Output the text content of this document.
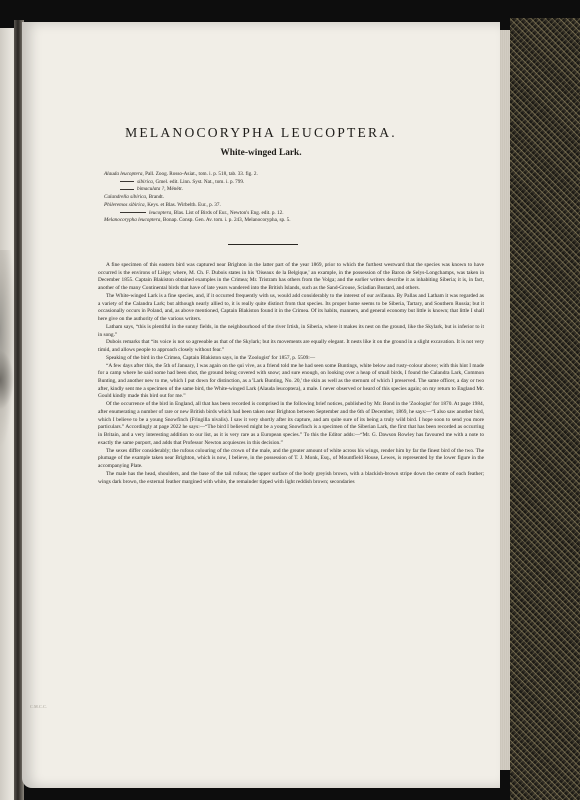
C.M.C.C.
MELANOCORYPHA LEUCOPTERA.
White-winged Lark.
Alauda leucoptera, Pall. Zoog. Rosso-Asiat., tom. i. p. 518, tab. 33. fig. 2.
sibirica, Gmel. edit. Linn. Syst. Nat., tom. i. p. 799.
bimaculata ?, Ménétr.
Calandrella sibirica, Brandt.
Phileremos sibirica, Keys. et Blas. Wirbelth. Eur., p. 37.
leucoptera, Blas. List of Birds of Eur., Newton's Eng. edit. p. 12.
Melanocorypha leucoptera, Bonap. Consp. Gen. Av. tom. i. p. 243, Melanocorypha, sp. 5.

A fine specimen of this eastern bird was captured near Brighton in the latter part of the year 1869, prior to which the furthest westward that the species was known to have occurred is the environs of Liège; where, M. Ch. F. Dubois states in his 'Oiseaux de la Belgique,' an example, in the possession of the Baron de Selys-Longchamps, was taken in December 1855. Captain Blakiston obtained examples in the Crimea; Mr. Tristram has others from the Volga; and the earlier writers describe it as inhabiting Siberia; it is, in fact, another of the many Continental birds that have of late years wandered into the British Islands, such as the Sand-Grouse, Sciadian Bustard, and others.

The White-winged Lark is a fine species, and, if it occurred frequently with us, would add considerably to the interest of our avifauna. By Pallas and Latham it was regarded as a variety of the Calandra Lark; but although nearly allied to, it is really quite distinct from that species. Its proper home seems to be Siberia, Tartary, and Southern Russia; but it occasionally occurs in Poland, and, as above mentioned, Captain Blakiston found it in the Crimea. Of its habits, manners, and general economy but little is known; that little I shall here give on the authority of the various writers.

Latham says, “this is plentiful in the sunny fields, in the neighbourhood of the river Irtish, in Siberia, where it makes its nest on the ground, like the Skylark, but is inferior to it in song.”

Dubois remarks that “its voice is not so agreeable as that of the Skylark; but its movements are equally elegant. It nests like it on the ground in a slight excavation. It is not very timid, and allows people to approach closely without fear.”

Speaking of the bird in the Crimea, Captain Blakiston says, in the 'Zoologist' for 1857, p. 5509:—

“A few days after this, the 5th of January, I was again on the qui vive, as a friend told me he had seen some Buntings, white below and rusty-colour above; with this hint I made for a camp where he said some had been shot, the ground being covered with snow; and sure enough, on looking over a heap of small birds, I found the Calandra Lark, Common Bunting, and another new to me, which I put down for distinction, as a 'Lark Bunting, No. 20,' the skin as well as the sternum of which I preserved. The same officer, a day or two after, kindly sent me a specimen of the same bird, the White-winged Lark (Alauda leucoptera), a male. I never observed or heard of this species again; on my return to England Mr. Gould kindly made this bird out for me.”

Of the occurrence of the bird in England, all that has been recorded is comprised in the following brief notices, published by Mr. Bond in the 'Zoologist' for 1870. At page 1984, after enumerating a number of rare or new British birds which had been taken near Brighton between September and the 6th of December, 1869, he says:—“I also saw another bird, which I believe to be a young Snowfinch (Fringilla nivalis). I saw it very shortly after its capture, and am quite sure of its being a truly wild bird. I hope soon to send you more particulars.” Accordingly at page 2022 he says:—“The bird I believed might be a young Snowfinch is a specimen of the Siberian Lark, the first that has been recorded as occurring in Britain, and a very interesting addition to our list, as it is very rare as a European species.” To this the Editor adds:—“Mr. G. Dawson Rowley has favoured me with a note to exactly the same purport, and adds that Professor Newton acquiesces in this decision.”

The sexes differ considerably; the rufous colouring of the crown of the male, and the greater amount of white across his wings, render him by far the finest bird of the two. The plumage of the example taken near Brighton, which is now, I believe, in the possession of T. J. Monk, Esq., of Mountfield House, Lewes, is represented by the lower figure in the accompanying Plate.

The male has the head, shoulders, and the base of the tail rufous; the upper surface of the body greyish brown, with a blackish-brown stripe down the centre of each feather; wings dark brown, the external feather margined with white, the remainder tipped with light reddish brown; secondaries
